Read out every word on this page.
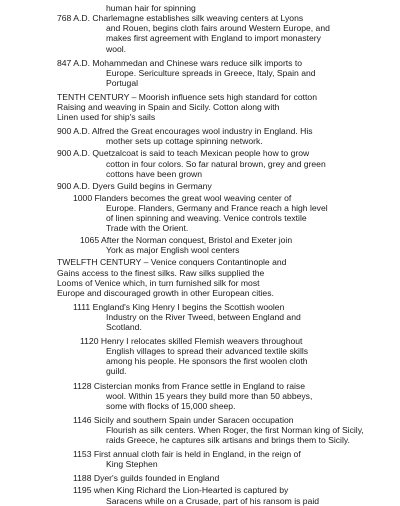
human hair for spinning
768 A.D. Charlemagne establishes silk weaving centers at Lyons
and Rouen, begins cloth fairs around Western Europe, and
makes first agreement with England to import monastery
wool.
847 A.D. Mohammedan and Chinese wars reduce silk imports to
Europe. Sericulture spreads in Greece, Italy, Spain and
Portugal
TENTH CENTURY – Moorish influence sets high standard for cotton
Raising and weaving in Spain and Sicily. Cotton along with
Linen used for ship's sails
900 A.D. Alfred the Great encourages wool industry in England. His
mother sets up cottage spinning network.
900 A.D. Quetzalcoat is said to teach Mexican people how to grow
cotton in four colors. So far natural brown, grey and green
cottons have been grown
900 A.D. Dyers Guild begins in Germany
1000 Flanders becomes the great wool weaving center of
Europe. Flanders, Germany and France reach a high level
of linen spinning and weaving. Venice controls textile
Trade with the Orient.
1065 After the Norman conquest, Bristol and Exeter join
York as major English wool centers
TWELFTH CENTURY – Venice conquers Contantinople and
Gains access to the finest silks. Raw silks supplied the
Looms of Venice which, in turn furnished silk for most
Europe and discouraged growth in other European cities.
1111 England's King Henry I begins the Scottish woolen
Industry on the River Tweed, between England and
Scotland.
1120 Henry I relocates skilled Flemish weavers throughout
English villages to spread their advanced textile skills
among his people. He sponsors the first woolen cloth
guild.
1128 Cistercian monks from France settle in England to raise
wool. Within 15 years they build more than 50 abbeys,
some with flocks of 15,000 sheep.
1146 Sicily and southern Spain under Saracen occupation
Flourish as silk centers. When Roger, the first Norman king of Sicily,
raids Greece, he captures silk artisans and brings them to Sicily.
1153 First annual cloth fair is held in England, in the reign of
King Stephen
1188 Dyer's guilds founded in England
1195 when King Richard the Lion-Hearted is captured by
Saracens while on a Crusade, part of his ransom is paid
